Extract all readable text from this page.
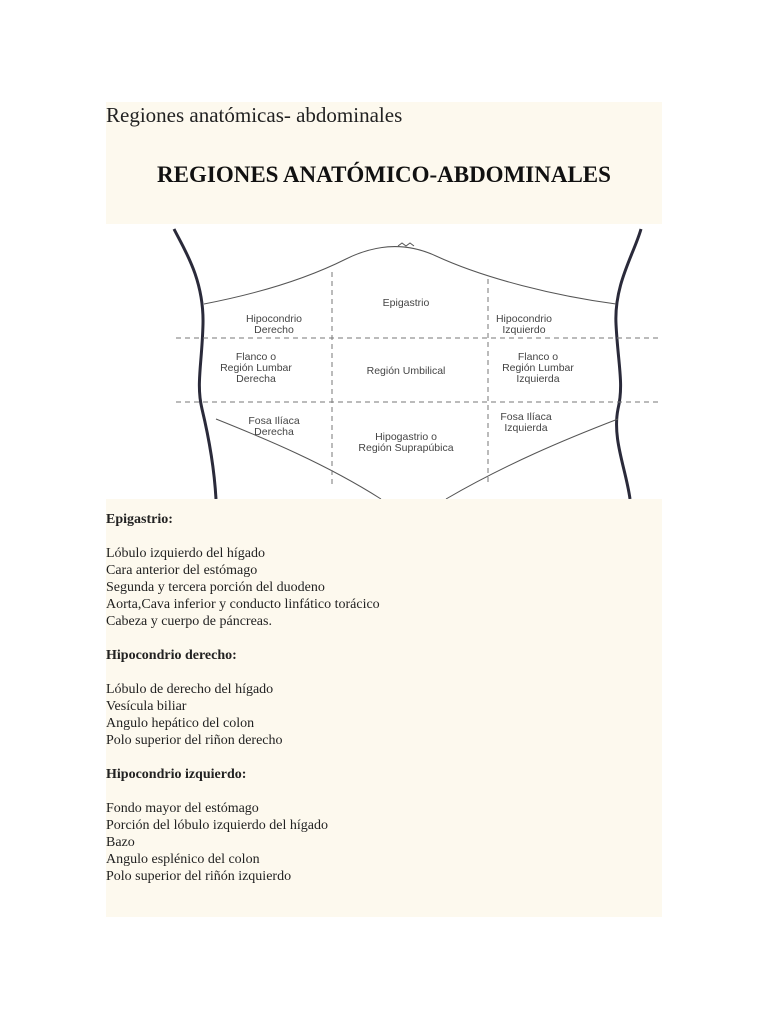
Regiones anatómicas- abdominales
REGIONES ANATÓMICO-ABDOMINALES
Hipocondrio Derecho
Epigastrio
Hipocondrio Izquierdo
Flanco o Región Lumbar Derecha
Región Umbilical
Flanco o Región Lumbar Izquierda
Fosa Ilíaca Derecha	Hipogastrio o Región Suprapúbica
Fosa Ilíaca Izquierda

Epigastrio:

Lóbulo izquierdo del hígado

Cara anterior del estómago

Segunda y tercera porción del duodeno

Aorta,Cava inferior y conducto linfático torácico

Cabeza y cuerpo de páncreas.

Hipocondrio derecho:

Lóbulo de derecho del hígado

Vesícula biliar

Angulo hepático del colon

Polo superior del riñon derecho

Hipocondrio izquierdo:

Fondo mayor del estómago

Porción del lóbulo izquierdo del hígado

Bazo

Angulo esplénico del colon

Polo superior del riñón izquierdo
